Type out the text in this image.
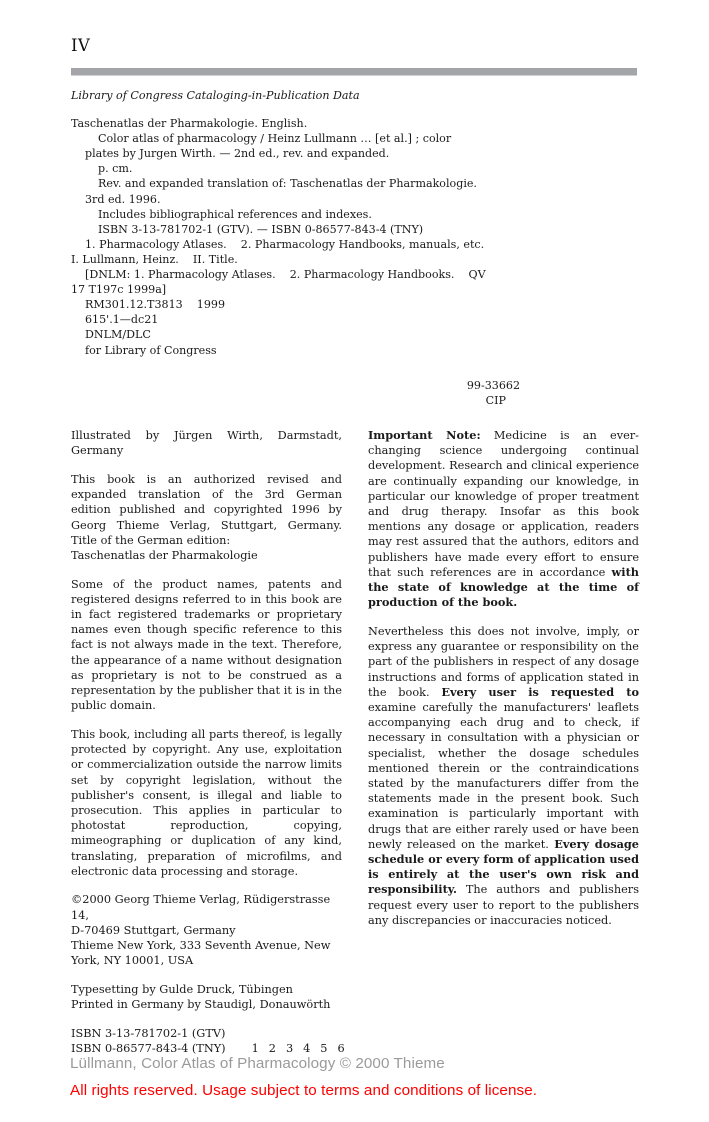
IV
Library of Congress Cataloging-in-Publication Data
Taschenatlas der Pharmakologie. English.
Color atlas of pharmacology / Heinz Lullmann … [et al.] ; color
plates by Jurgen Wirth. — 2nd ed., rev. and expanded.
p. cm.
Rev. and expanded translation of: Taschenatlas der Pharmakologie.
3rd ed. 1996.
Includes bibliographical references and indexes.
ISBN 3-13-781702-1 (GTV). — ISBN 0-86577-843-4 (TNY)
1. Pharmacology Atlases.    2. Pharmacology Handbooks, manuals, etc.
I. Lullmann, Heinz.    II. Title.
[DNLM: 1. Pharmacology Atlases.    2. Pharmacology Handbooks.    QV
17 T197c 1999a]
RM301.12.T3813    1999
615'.1—dc21
DNLM/DLC
for Library of Congress
99-33662
CIP

Illustrated by Jürgen Wirth, Darmstadt, Germany

This book is an authorized revised and expanded translation of the 3rd German edition published and copyrighted 1996 by Georg Thieme Verlag, Stuttgart, Germany. Title of the German edition:

Taschenatlas der Pharmakologie

Some of the product names, patents and registered designs referred to in this book are in fact registered trademarks or proprietary names even though specific reference to this fact is not always made in the text. Therefore, the appearance of a name without designation as proprietary is not to be construed as a representation by the publisher that it is in the public domain.

This book, including all parts thereof, is legally protected by copyright. Any use, exploitation or commercialization outside the narrow limits set by copyright legislation, without the publisher's consent, is illegal and liable to prosecution. This applies in particular to photostat reproduction, copying, mimeographing or duplication of any kind, translating, preparation of microfilms, and electronic data processing and storage.

©2000 Georg Thieme Verlag, Rüdigerstrasse 14,
D-70469 Stuttgart, Germany
Thieme New York, 333 Seventh Avenue, New
York, NY 10001, USA

Typesetting by Gulde Druck, Tübingen
Printed in Germany by Staudigl, Donauwörth

ISBN 3-13-781702-1 (GTV)
ISBN 0-86577-843-4 (TNY) 1 2 3 4 5 6

Important Note: Medicine is an ever-changing science undergoing continual development. Research and clinical experience are continually expanding our knowledge, in particular our knowledge of proper treatment and drug therapy. Insofar as this book mentions any dosage or application, readers may rest assured that the authors, editors and publishers have made every effort to ensure that such references are in accordance with the state of knowledge at the time of production of the book.

Nevertheless this does not involve, imply, or express any guarantee or responsibility on the part of the publishers in respect of any dosage instructions and forms of application stated in the book. Every user is requested to examine carefully the manufacturers' leaflets accompanying each drug and to check, if necessary in consultation with a physician or specialist, whether the dosage schedules mentioned therein or the contraindications stated by the manufacturers differ from the statements made in the present book. Such examination is particularly important with drugs that are either rarely used or have been newly released on the market. Every dosage schedule or every form of application used is entirely at the user's own risk and responsibility. The authors and publishers request every user to report to the publishers any discrepancies or inaccuracies noticed.

Lüllmann, Color Atlas of Pharmacology © 2000 Thieme
All rights reserved. Usage subject to terms and conditions of license.
